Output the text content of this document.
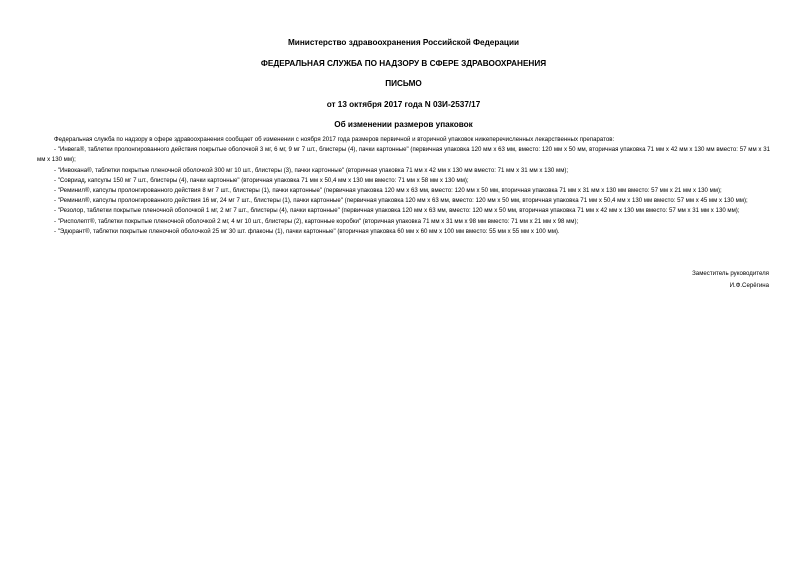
Министерство здравоохранения Российской Федерации
ФЕДЕРАЛЬНАЯ СЛУЖБА ПО НАДЗОРУ В СФЕРЕ ЗДРАВООХРАНЕНИЯ
ПИСЬМО
от 13 октября 2017 года N 03И-2537/17
Об изменении размеров упаковок

Федеральная служба по надзору в сфере здравоохранения сообщает об изменении с ноября 2017 года размеров первичной и вторичной упаковок нижеперечисленных лекарственных препаратов:

- "Инвега®, таблетки пролонгированного действия покрытые оболочкой 3 мг, 6 мг, 9 мг 7 шт., блистеры (4), пачки картонные" (первичная упаковка 120 мм x 63 мм, вместо: 120 мм x 50 мм, вторичная упаковка 71 мм x 42 мм x 130 мм вместо: 57 мм x 31 мм x 130 мм);

- "Инвокана®, таблетки покрытые пленочной оболочкой 300 мг 10 шт., блистеры (3), пачки картонные" (вторичная упаковка 71 мм x 42 мм x 130 мм вместо: 71 мм x 31 мм x 130 мм);

- "Совриад, капсулы 150 мг 7 шт., блистеры (4), пачки картонные" (вторичная упаковка 71 мм x 50,4 мм x 130 мм вместо: 71 мм x 58 мм x 130 мм);

- "Реминил®, капсулы пролонгированного действия 8 мг 7 шт., блистеры (1), пачки картонные" (первичная упаковка 120 мм x 63 мм, вместо: 120 мм x 50 мм, вторичная упаковка 71 мм x 31 мм x 130 мм вместо: 57 мм x 21 мм x 130 мм);

- "Реминил®, капсулы пролонгированного действия 16 мг, 24 мг 7 шт., блистеры (1), пачки картонные" (первичная упаковка 120 мм x 63 мм, вместо: 120 мм x 50 мм, вторичная упаковка 71 мм x 50,4 мм x 130 мм вместо: 57 мм x 45 мм x 130 мм);

- "Резолор, таблетки покрытые пленочной оболочкой 1 мг, 2 мг 7 шт., блистеры (4), пачки картонные" (первичная упаковка 120 мм x 63 мм, вместо: 120 мм x 50 мм, вторичная упаковка 71 мм x 42 мм x 130 мм вместо: 57 мм x 31 мм x 130 мм);

- "Рисполепт®, таблетки покрытые пленочной оболочкой 2 мг, 4 мг 10 шт., блистеры (2), картонные коробки" (вторичная упаковка 71 мм x 31 мм x 98 мм вместо: 71 мм x 21 мм x 98 мм);

- "Эдюрант®, таблетки покрытые пленочной оболочкой 25 мг 30 шт. флаконы (1), пачки картонные" (вторичная упаковка 60 мм x 60 мм x 100 мм вместо: 55 мм x 55 мм x 100 мм).

Заместитель руководителя
И.Ф.Серёгина
